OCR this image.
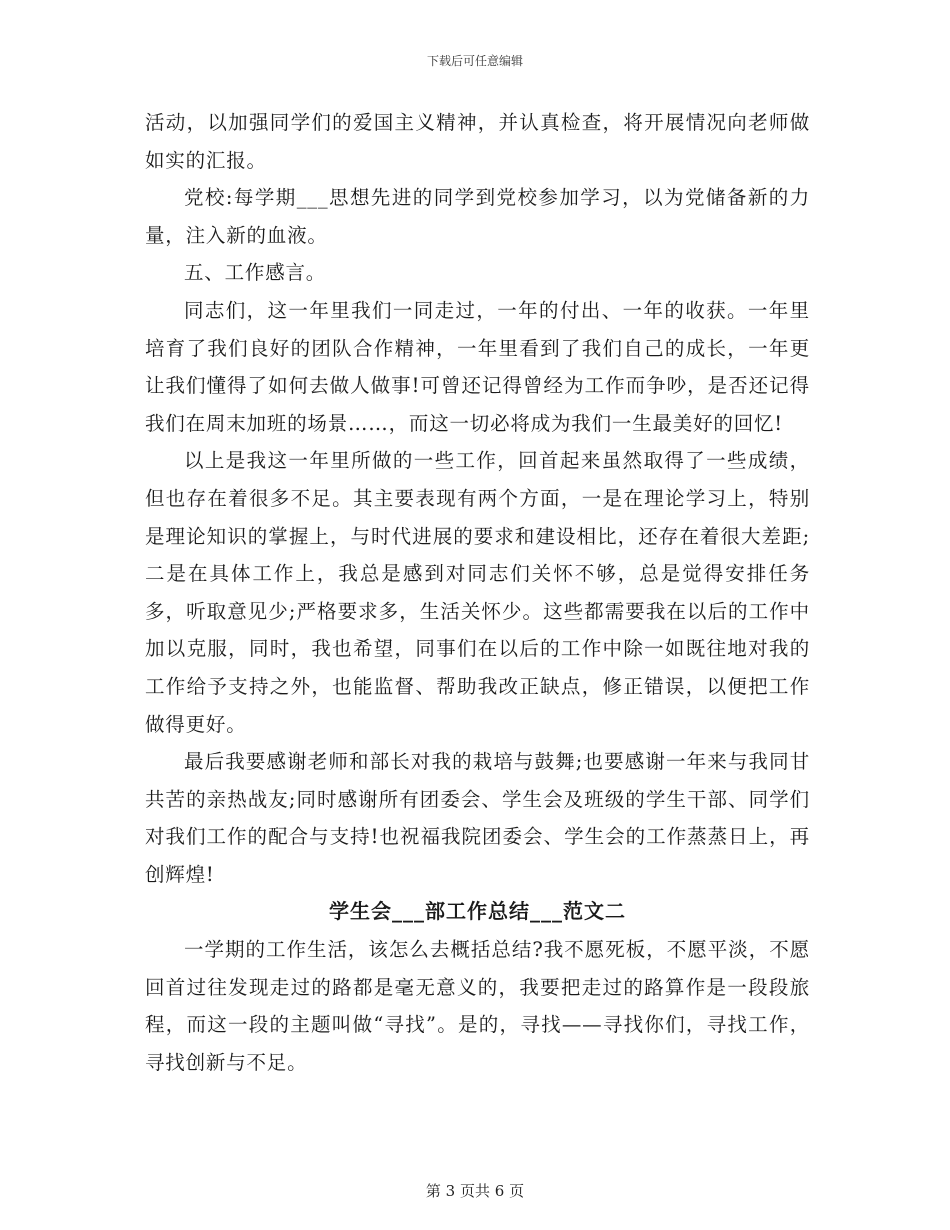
下载后可任意编辑

活动，以加强同学们的爱国主义精神，并认真检查，将开展情况向老师做如实的汇报。

党校:每学期___思想先进的同学到党校参加学习，以为党储备新的力量，注入新的血液。

五、工作感言。

同志们，这一年里我们一同走过，一年的付出、一年的收获。一年里培育了我们良好的团队合作精神，一年里看到了我们自己的成长，一年更让我们懂得了如何去做人做事!可曾还记得曾经为工作而争吵，是否还记得我们在周末加班的场景……，而这一切必将成为我们一生最美好的回忆!

以上是我这一年里所做的一些工作，回首起来虽然取得了一些成绩，但也存在着很多不足。其主要表现有两个方面，一是在理论学习上，特别是理论知识的掌握上，与时代进展的要求和建设相比，还存在着很大差距;二是在具体工作上，我总是感到对同志们关怀不够，总是觉得安排任务多，听取意见少;严格要求多，生活关怀少。这些都需要我在以后的工作中加以克服，同时，我也希望，同事们在以后的工作中除一如既往地对我的工作给予支持之外，也能监督、帮助我改正缺点，修正错误，以便把工作做得更好。

最后我要感谢老师和部长对我的栽培与鼓舞;也要感谢一年来与我同甘共苦的亲热战友;同时感谢所有团委会、学生会及班级的学生干部、同学们对我们工作的配合与支持!也祝福我院团委会、学生会的工作蒸蒸日上，再创辉煌!

学生会___部工作总结___范文二

一学期的工作生活，该怎么去概括总结?我不愿死板，不愿平淡，不愿回首过往发现走过的路都是毫无意义的，我要把走过的路算作是一段段旅程，而这一段的主题叫做“寻找”。是的，寻找——寻找你们，寻找工作，寻找创新与不足。

第 3 页共 6 页
